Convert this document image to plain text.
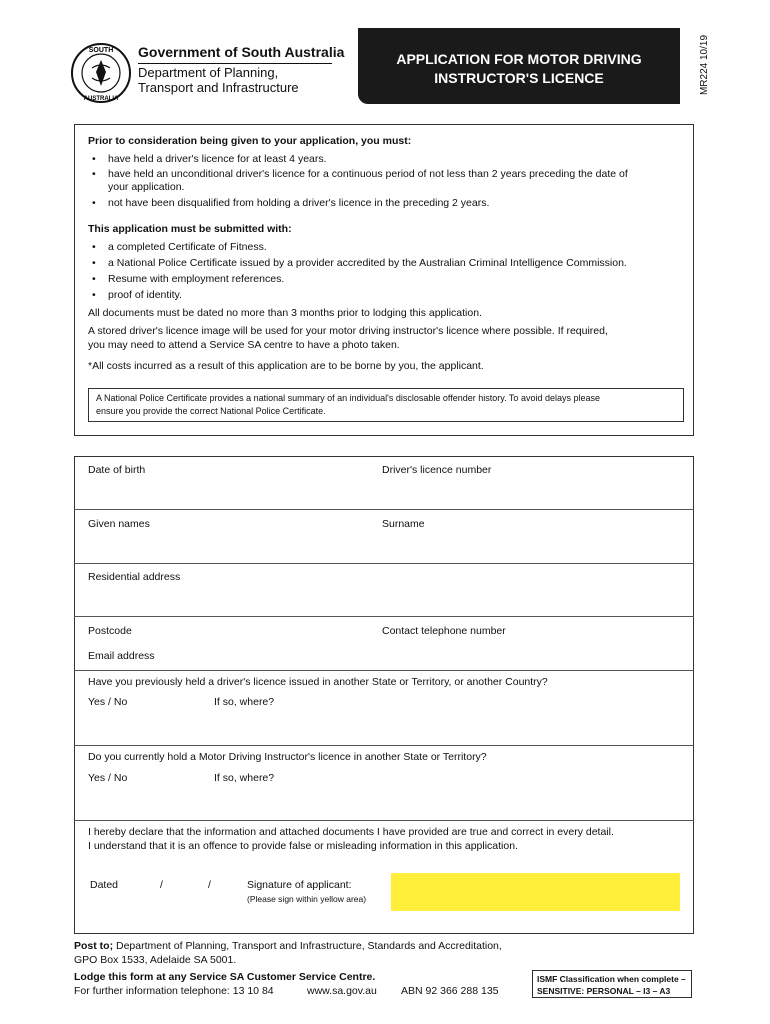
SOUTH
AUSTRALIA
Government of South Australia
Department of Planning,
Transport and Infrastructure
APPLICATION FOR MOTOR DRIVING
INSTRUCTOR'S LICENCE	MR224 10/19
Prior to consideration being given to your application, you must:
• have held a driver's licence for at least 4 years.
• have held an unconditional driver's licence for a continuous period of not less than 2 years preceding the date of
your application.
• not have been disqualified from holding a driver's licence in the preceding 2 years.
This application must be submitted with:
• a completed Certificate of Fitness.
• a National Police Certificate issued by a provider accredited by the Australian Criminal Intelligence Commission.
• Resume with employment references.
• proof of identity.
All documents must be dated no more than 3 months prior to lodging this application.
A stored driver's licence image will be used for your motor driving instructor's licence where possible. If required,
you may need to attend a Service SA centre to have a photo taken.
*All costs incurred as a result of this application are to be borne by you, the applicant.
A National Police Certificate provides a national summary of an individual's disclosable offender history. To avoid delays please
ensure you provide the correct National Police Certificate.
Date of birth	Driver's licence number
Given names	Surname
Residential address
Postcode	Contact telephone number
Email address
Have you previously held a driver's licence issued in another State or Territory, or another Country?
Yes / No	If so, where?
Do you currently hold a Motor Driving Instructor's licence in another State or Territory?
Yes / No	If so, where?
I hereby declare that the information and attached documents I have provided are true and correct in every detail.
I understand that it is an offence to provide false or misleading information in this application.
Dated	/	/	Signature of applicant:
(Please sign within yellow area)
Post to; Department of Planning, Transport and Infrastructure, Standards and Accreditation,
GPO Box 1533, Adelaide SA 5001.
Lodge this form at any Service SA Customer Service Centre.
For further information telephone: 13 10 84	www.sa.gov.au ABN 92 366 288 135
ISMF Classification when complete –
SENSITIVE: PERSONAL – I3 – A3
